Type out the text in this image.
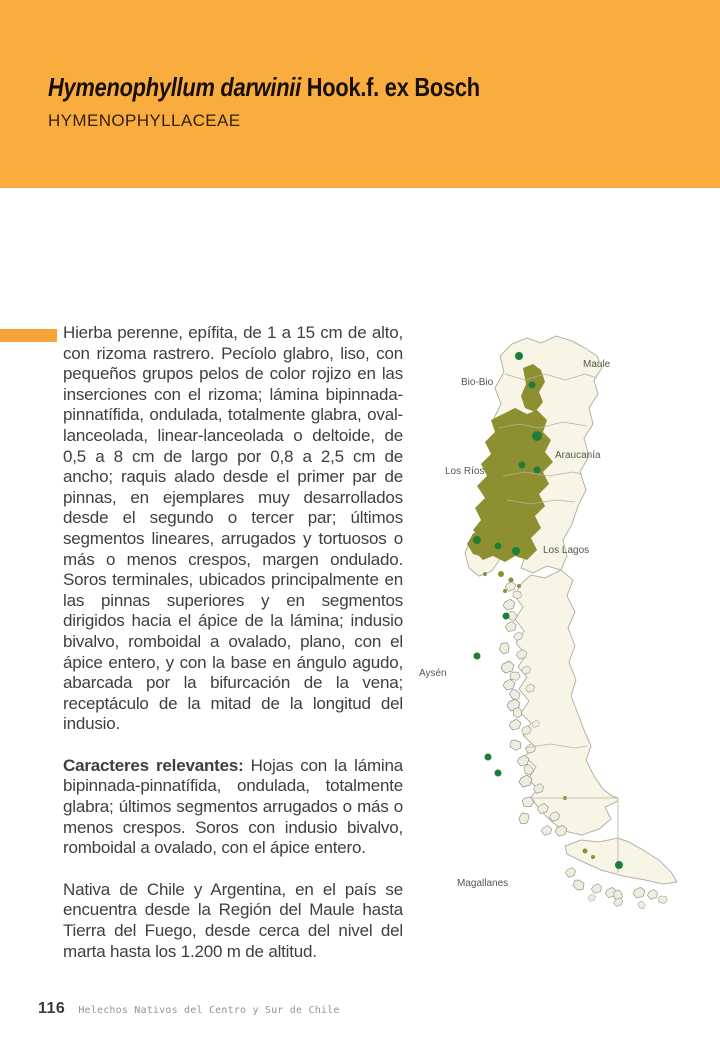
Hymenophyllum darwinii Hook.f. ex Bosch
HYMENOPHYLLACEAE

Hierba perenne, epífita, de 1 a 15 cm de alto, con rizoma rastrero. Pecíolo glabro, liso, con pequeños grupos pelos de color rojizo en las inserciones con el rizoma; lámina bipinnada-pinnatífida, ondulada, totalmente glabra, oval-lanceolada, linear-lanceolada o deltoide, de 0,5 a 8 cm de largo por 0,8 a 2,5 cm de ancho; raquis alado desde el primer par de pinnas, en ejemplares muy desarrollados desde el segundo o tercer par; últimos segmentos lineares, arrugados y tortuosos o más o menos crespos, margen ondulado. Soros terminales, ubicados principalmente en las pinnas superiores y en segmentos dirigidos hacia el ápice de la lámina; indusio bivalvo, romboidal a ovalado, plano, con el ápice entero, y con la base en ángulo agudo, abarcada por la bifurcación de la vena; receptáculo de la mitad de la longitud del indusio.

Caracteres relevantes: Hojas con la lámina bipinnada-pinnatífida, ondulada, totalmente glabra; últimos segmentos arrugados o más o menos crespos. Soros con indusio bivalvo, romboidal a ovalado, con el ápice entero.

Nativa de Chile y Argentina, en el país se encuentra desde la Región del Maule hasta Tierra del Fuego, desde cerca del nivel del marta hasta los 1.200 m de altitud.

Maule
Bio-Bio
Araucanía
Los Ríos
Los Lagos
Aysén
Magallanes
116 Helechos Nativos del Centro y Sur de Chile
